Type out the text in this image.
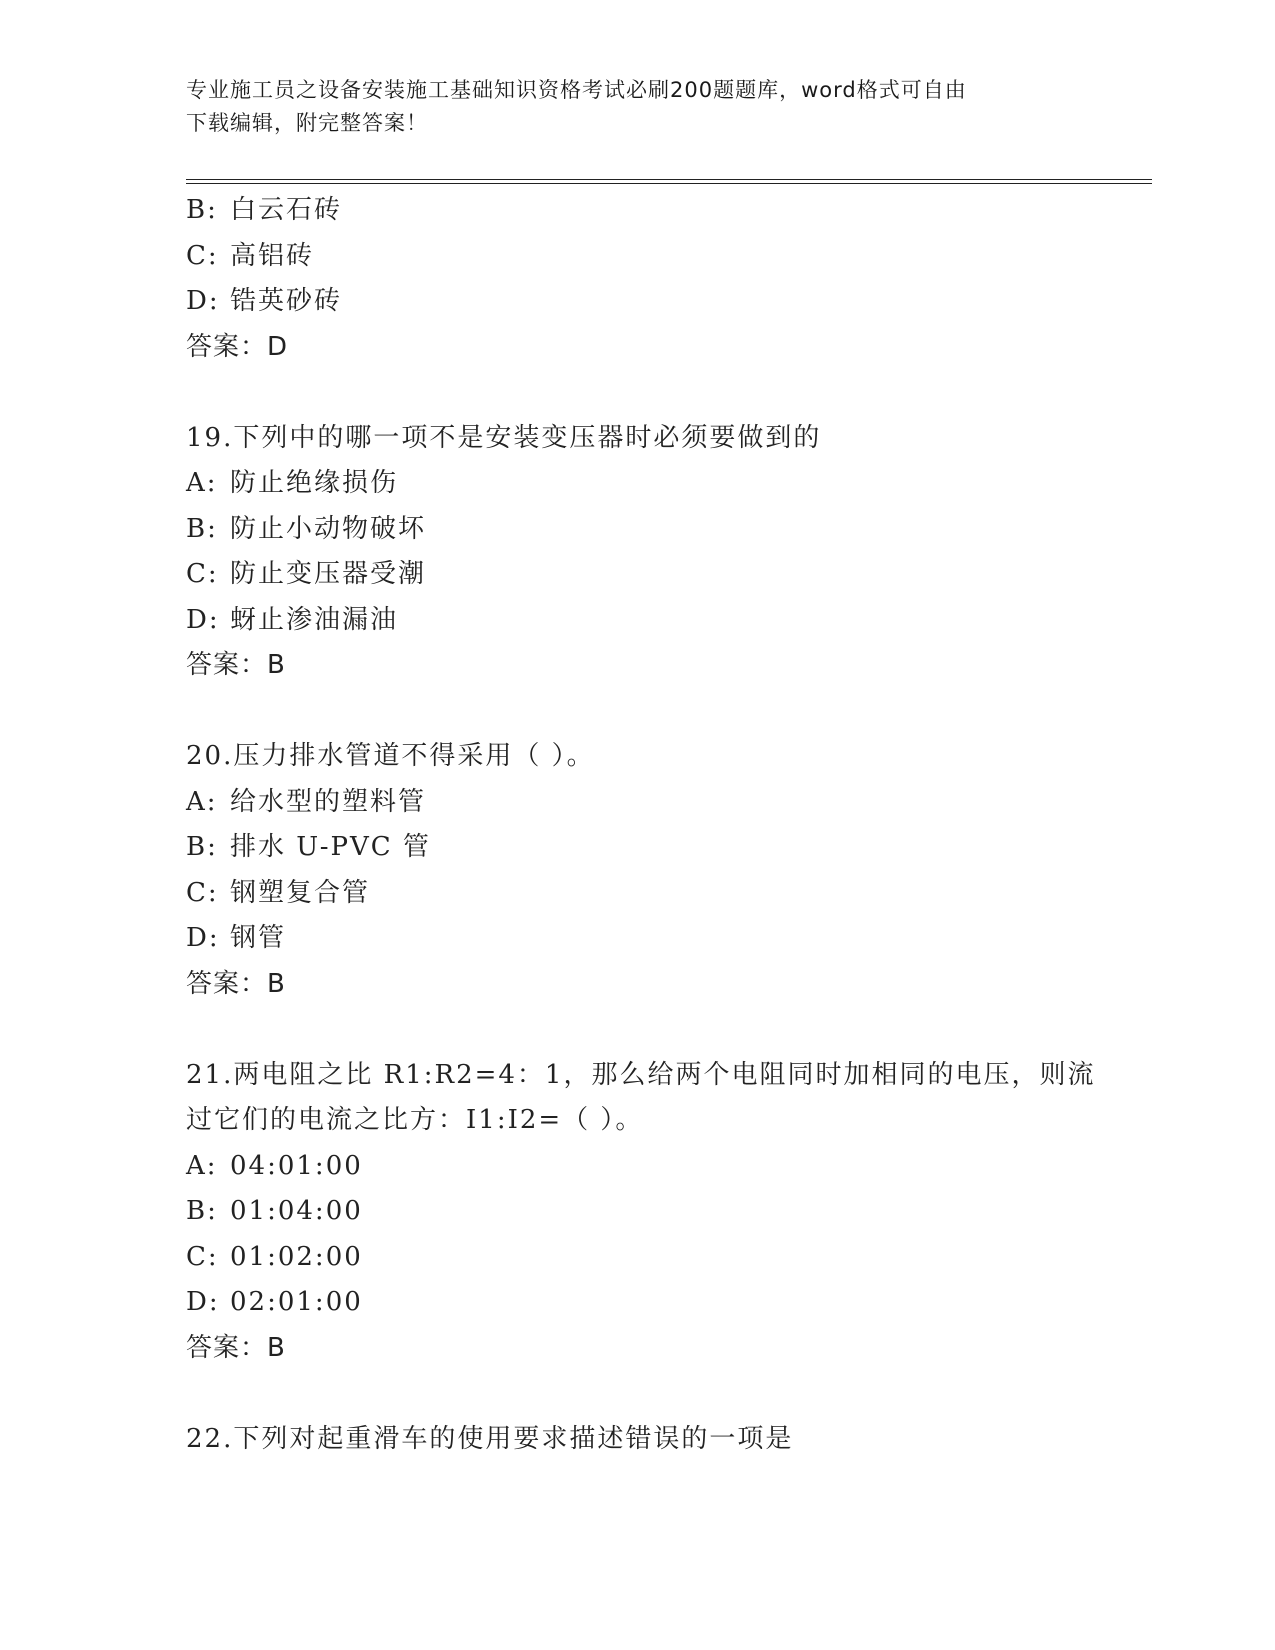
专业施工员之设备安装施工基础知识资格考试必刷200题题库，word格式可自由
下载编辑，附完整答案！
B: 白云石砖
C: 高铝砖
D: 锆英砂砖
答案：D
19.下列中的哪一项不是安装变压器时必须要做到的
A: 防止绝缘损伤
B: 防止小动物破坏
C: 防止变压器受潮
D: 蚜止渗油漏油
答案：B
20.压力排水管道不得采用（ ）。
A: 给水型的塑料管
B: 排水 U-PVC 管
C: 钢塑复合管
D: 钢管
答案：B
21.两电阻之比 R1:R2=4：1，那么给两个电阻同时加相同的电压，则流
过它们的电流之比方：I1:I2=（ ）。
A: 04:01:00
B: 01:04:00
C: 01:02:00
D: 02:01:00
答案：B
22.下列对起重滑车的使用要求描述错误的一项是
